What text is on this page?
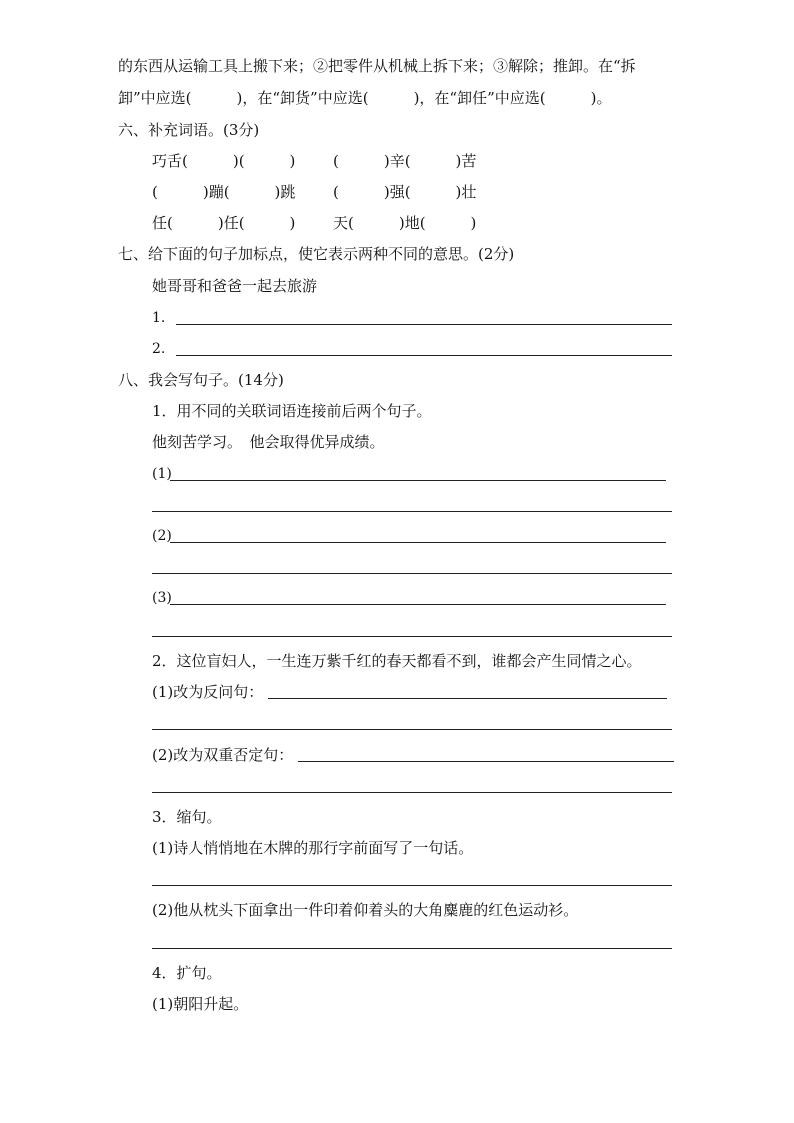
的东西从运输工具上搬下来；②把零件从机械上拆下来；③解除；推卸。在“拆
卸”中应选(　　　)，在“卸货”中应选(　　　)，在“卸任”中应选(　　　)。
六、补充词语。(3分)
巧舌(　　　)(　　　)	(　　　)辛(　　　)苦
(　　　)蹦(　　　)跳	(　　　)强(　　　)壮
任(　　　)任(　　　)	天(　　　)地(　　　)
七、给下面的句子加标点，使它表示两种不同的意思。(2分)
她哥哥和爸爸一起去旅游
1.
2.
八、我会写句子。(14分)
1．用不同的关联词语连接前后两个句子。
他刻苦学习。　他会取得优异成绩。
(1)
(2)
(3)
2．这位盲妇人，一生连万紫千红的春天都看不到，谁都会产生同情之心。
(1)改为反问句：
(2)改为双重否定句：
3．缩句。
(1)诗人悄悄地在木牌的那行字前面写了一句话。
(2)他从枕头下面拿出一件印着仰着头的大角麋鹿的红色运动衫。
4．扩句。
(1)朝阳升起。
